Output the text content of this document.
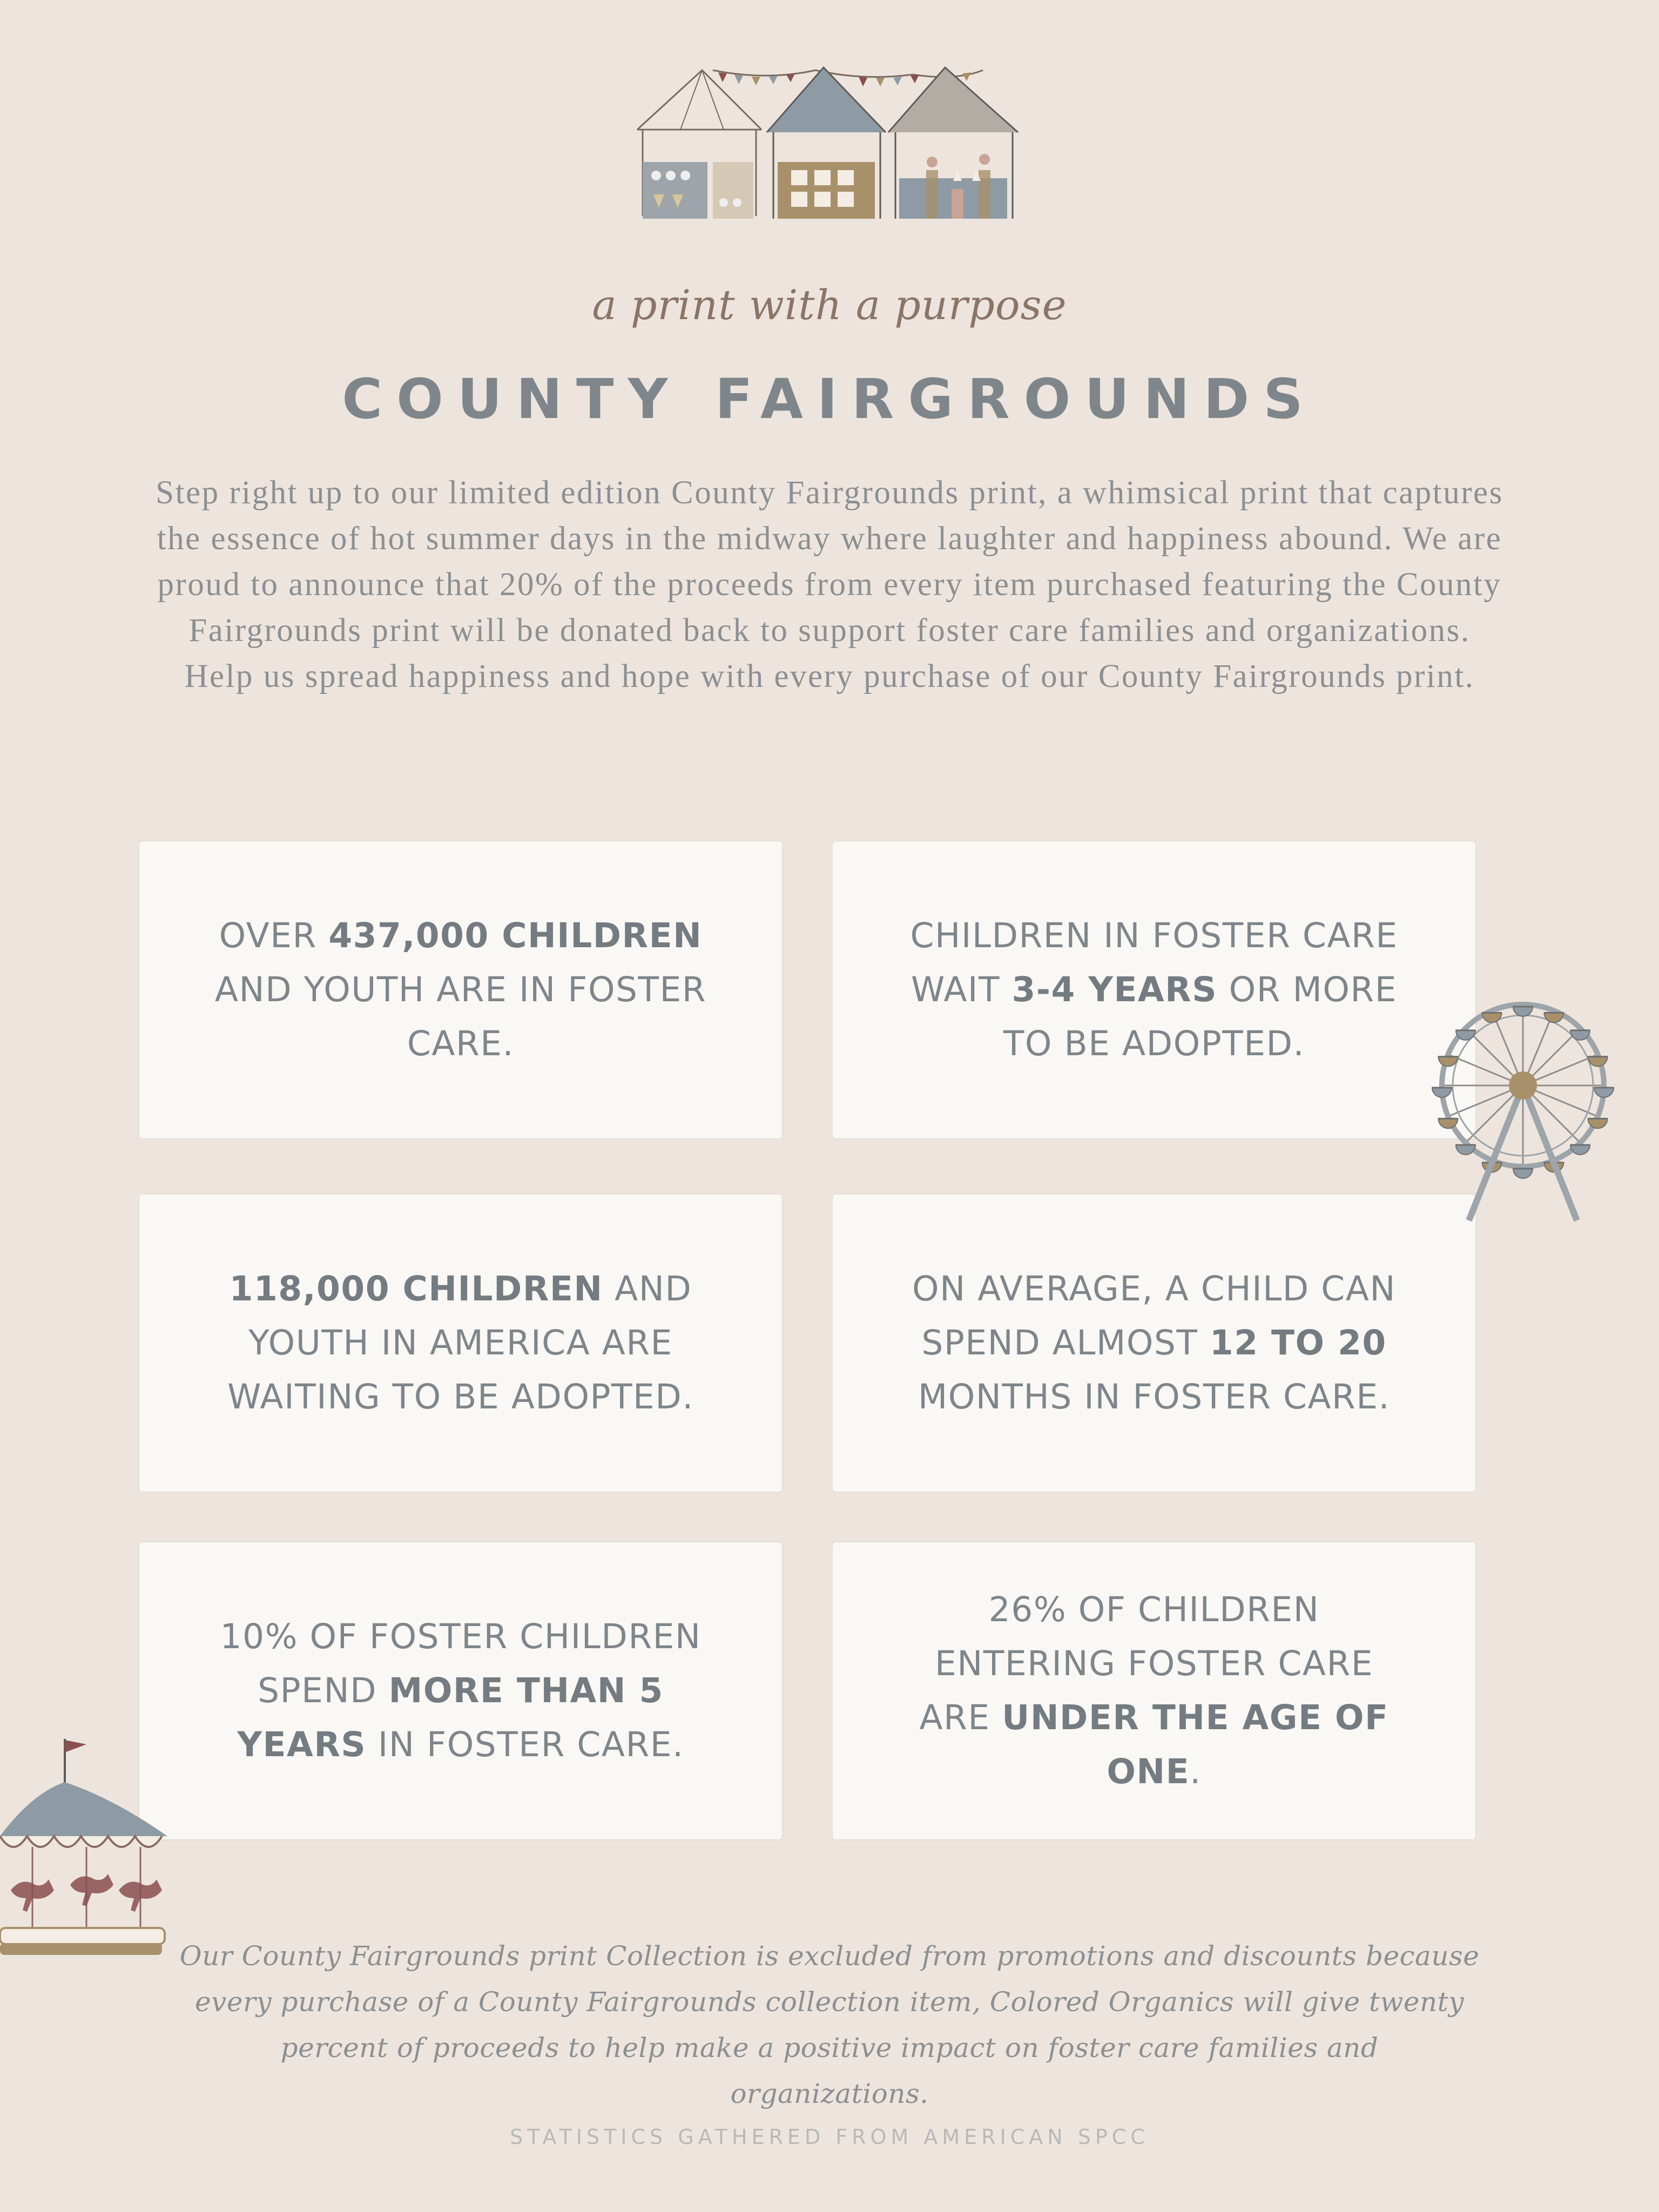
a print with a purpose
COUNTY FAIRGROUNDS
Step right up to our limited edition County Fairgrounds print, a whimsical print that captures the essence of hot summer days in the midway where laughter and happiness abound. We are proud to announce that 20% of the proceeds from every item purchased featuring the County Fairgrounds print will be donated back to support foster care families and organizations. Help us spread happiness and hope with every purchase of our County Fairgrounds print.

OVER 437,000 CHILDREN AND YOUTH ARE IN FOSTER CARE.

CHILDREN IN FOSTER CARE WAIT 3-4 YEARS OR MORE TO BE ADOPTED.

118,000 CHILDREN AND YOUTH IN AMERICA ARE WAITING TO BE ADOPTED.

ON AVERAGE, A CHILD CAN SPEND ALMOST 12 TO 20 MONTHS IN FOSTER CARE.

10% OF FOSTER CHILDREN SPEND MORE THAN 5 YEARS IN FOSTER CARE.

26% OF CHILDREN ENTERING FOSTER CARE ARE UNDER THE AGE OF ONE.

Our County Fairgrounds print Collection is excluded from promotions and discounts because every purchase of a County Fairgrounds collection item, Colored Organics will give twenty percent of proceeds to help make a positive impact on foster care families and organizations.
STATISTICS GATHERED FROM AMERICAN SPCC
